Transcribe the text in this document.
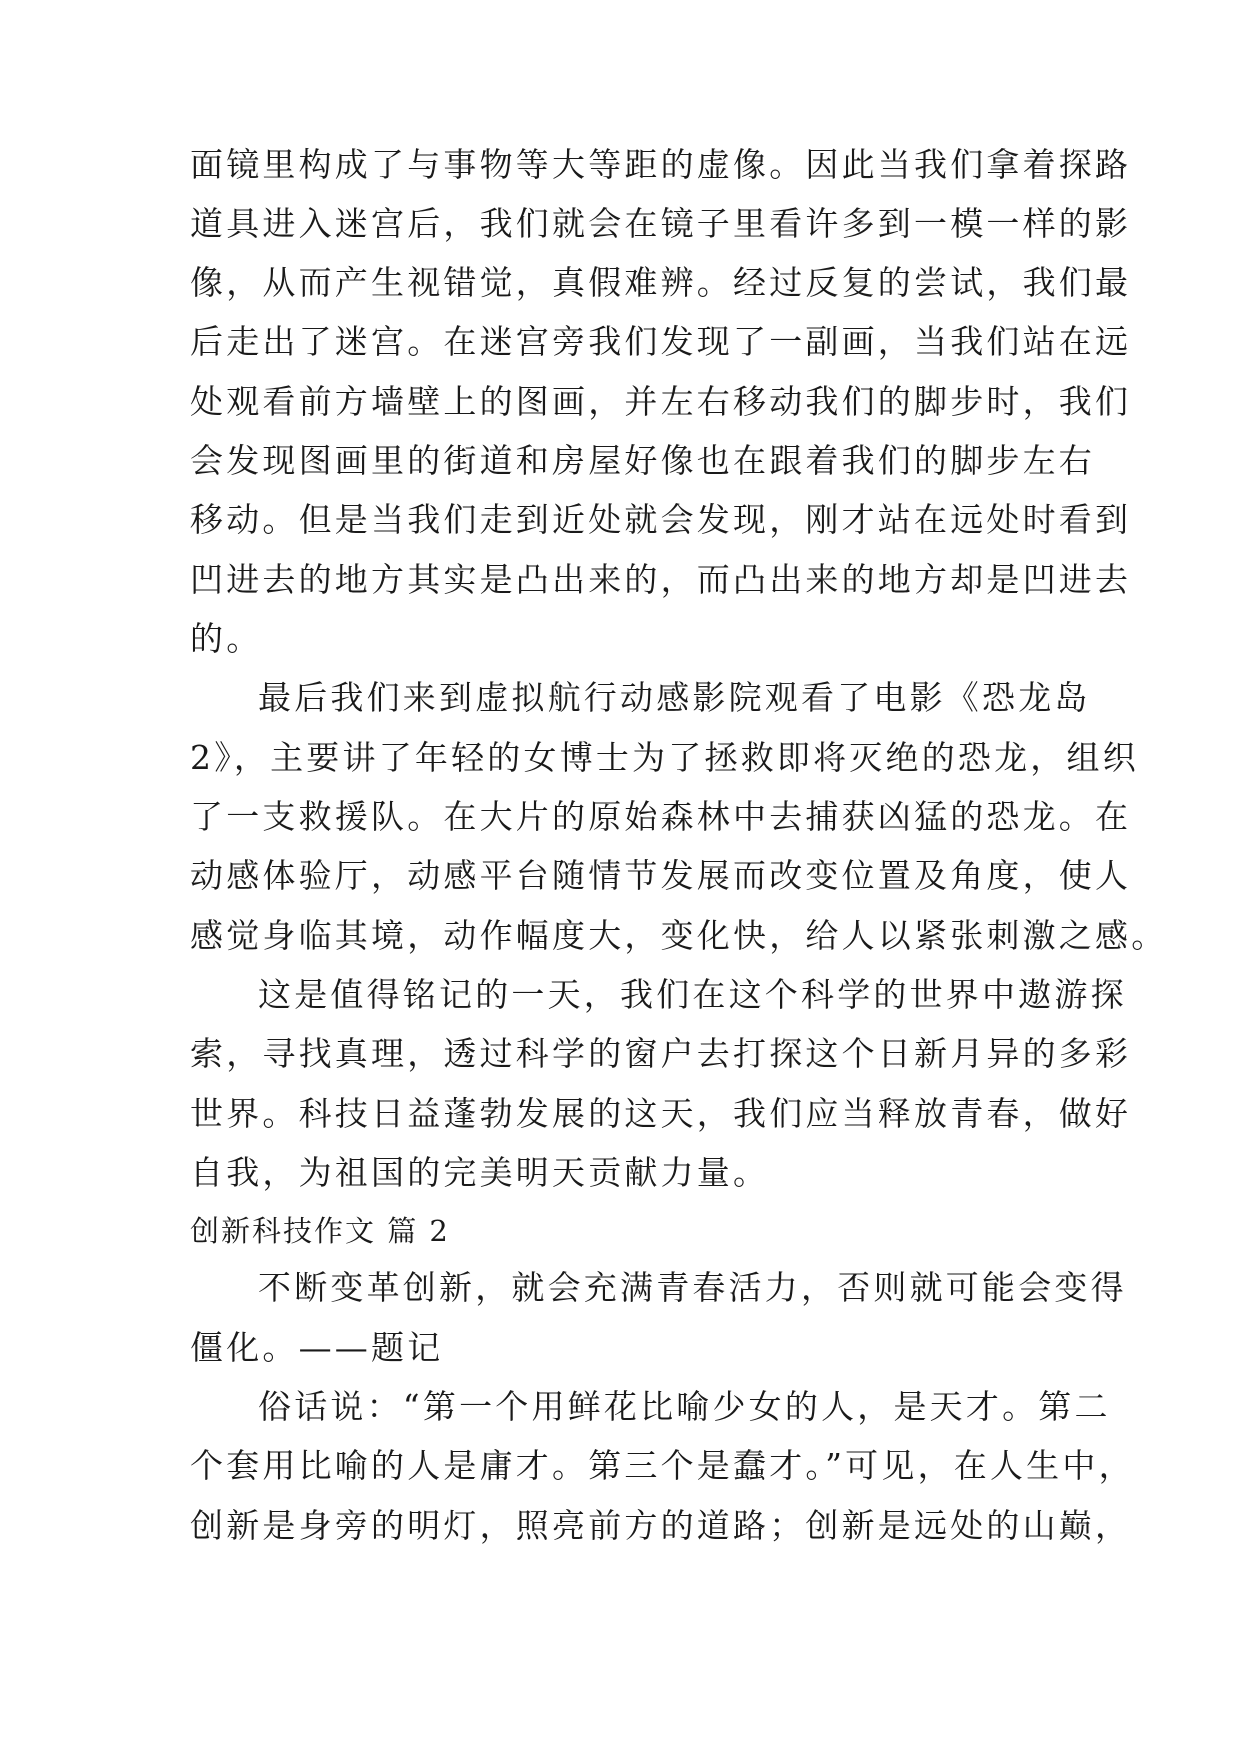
面镜里构成了与事物等大等距的虚像。因此当我们拿着探路
道具进入迷宫后，我们就会在镜子里看许多到一模一样的影
像，从而产生视错觉，真假难辨。经过反复的尝试，我们最
后走出了迷宫。在迷宫旁我们发现了一副画，当我们站在远
处观看前方墙壁上的图画，并左右移动我们的脚步时，我们
会发现图画里的街道和房屋好像也在跟着我们的脚步左右
移动。但是当我们走到近处就会发现，刚才站在远处时看到
凹进去的地方其实是凸出来的，而凸出来的地方却是凹进去
的。
最后我们来到虚拟航行动感影院观看了电影《恐龙岛
2》，主要讲了年轻的女博士为了拯救即将灭绝的恐龙，组织
了一支救援队。在大片的原始森林中去捕获凶猛的恐龙。在
动感体验厅，动感平台随情节发展而改变位置及角度，使人
感觉身临其境，动作幅度大，变化快，给人以紧张刺激之感。
这是值得铭记的一天，我们在这个科学的世界中遨游探
索，寻找真理，透过科学的窗户去打探这个日新月异的多彩
世界。科技日益蓬勃发展的这天，我们应当释放青春，做好
自我，为祖国的完美明天贡献力量。
创新科技作文 篇 2
不断变革创新，就会充满青春活力，否则就可能会变得
僵化。——题记
俗话说：“第一个用鲜花比喻少女的人，是天才。第二
个套用比喻的人是庸才。第三个是蠢才。”可见，在人生中，
创新是身旁的明灯，照亮前方的道路；创新是远处的山巅，
